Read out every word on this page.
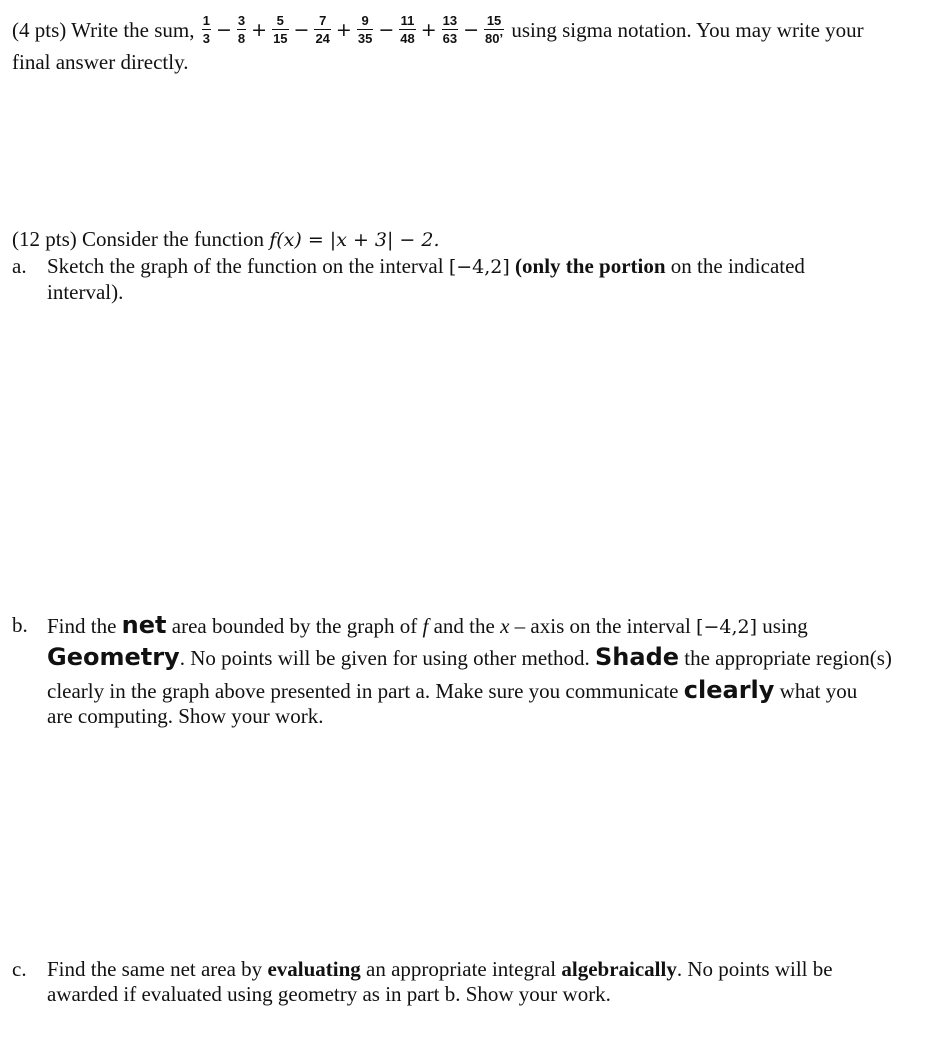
(4 pts) Write the sum, $\frac{1}{3} - \frac{3}{8} + \frac{5}{15} - \frac{7}{24} + \frac{9}{35} - \frac{11}{48} + \frac{13}{63} - \frac{15}{80’}$ using sigma notation. You may write your
final answer directly.
(12 pts) Consider the function f(x) = |x + 3| − 2.
a. Sketch the graph of the function on the interval [−4,2] (only the portion on the indicated
interval).
b. Find the net area bounded by the graph of f and the x – axis on the interval [−4,2] using
Geometry. No points will be given for using other method. Shade the appropriate region(s)
clearly in the graph above presented in part a. Make sure you communicate clearly what you
are computing. Show your work.
c. Find the same net area by evaluating an appropriate integral algebraically. No points will be
awarded if evaluated using geometry as in part b. Show your work.
